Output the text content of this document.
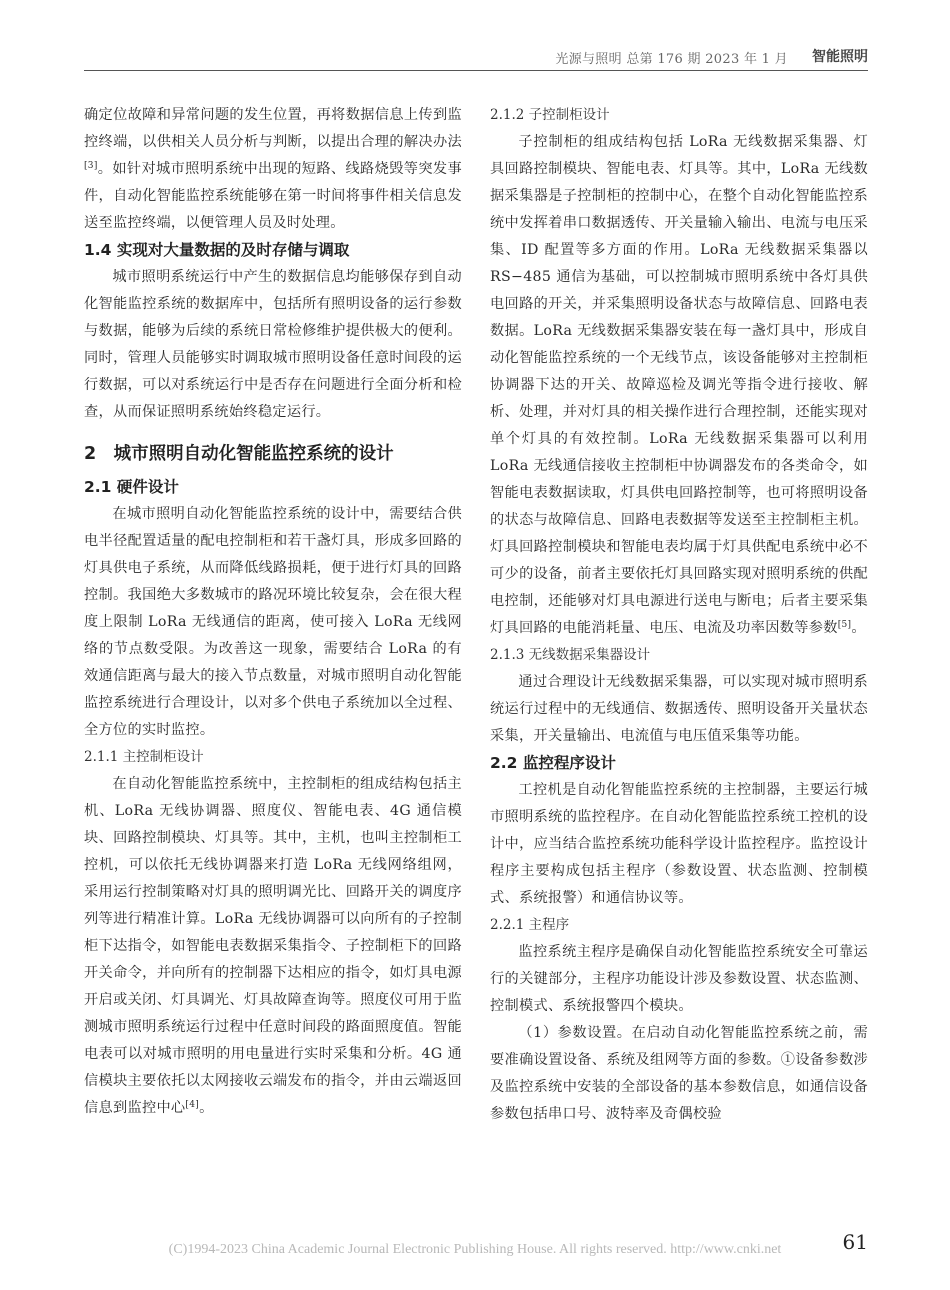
光源与照明 总第 176 期 2023 年 1 月 智能照明

确定位故障和异常问题的发生位置，再将数据信息上传到监控终端，以供相关人员分析与判断，以提出合理的解决办法[3]。如针对城市照明系统中出现的短路、线路烧毁等突发事件，自动化智能监控系统能够在第一时间将事件相关信息发送至监控终端，以便管理人员及时处理。

1.4 实现对大量数据的及时存储与调取

城市照明系统运行中产生的数据信息均能够保存到自动化智能监控系统的数据库中，包括所有照明设备的运行参数与数据，能够为后续的系统日常检修维护提供极大的便利。同时，管理人员能够实时调取城市照明设备任意时间段的运行数据，可以对系统运行中是否存在问题进行全面分析和检查，从而保证照明系统始终稳定运行。

2　城市照明自动化智能监控系统的设计
2.1 硬件设计

在城市照明自动化智能监控系统的设计中，需要结合供电半径配置适量的配电控制柜和若干盏灯具，形成多回路的灯具供电子系统，从而降低线路损耗，便于进行灯具的回路控制。我国绝大多数城市的路况环境比较复杂，会在很大程度上限制 LoRa 无线通信的距离，使可接入 LoRa 无线网络的节点数受限。为改善这一现象，需要结合 LoRa 的有效通信距离与最大的接入节点数量，对城市照明自动化智能监控系统进行合理设计，以对多个供电子系统加以全过程、全方位的实时监控。

2.1.1 主控制柜设计

在自动化智能监控系统中，主控制柜的组成结构包括主机、LoRa 无线协调器、照度仪、智能电表、4G 通信模块、回路控制模块、灯具等。其中，主机，也叫主控制柜工控机，可以依托无线协调器来打造 LoRa 无线网络组网，采用运行控制策略对灯具的照明调光比、回路开关的调度序列等进行精准计算。LoRa 无线协调器可以向所有的子控制柜下达指令，如智能电表数据采集指令、子控制柜下的回路开关命令，并向所有的控制器下达相应的指令，如灯具电源开启或关闭、灯具调光、灯具故障查询等。照度仪可用于监测城市照明系统运行过程中任意时间段的路面照度值。智能电表可以对城市照明的用电量进行实时采集和分析。4G 通信模块主要依托以太网接收云端发布的指令，并由云端返回信息到监控中心[4]。

2.1.2 子控制柜设计

子控制柜的组成结构包括 LoRa 无线数据采集器、灯具回路控制模块、智能电表、灯具等。其中，LoRa 无线数据采集器是子控制柜的控制中心，在整个自动化智能监控系统中发挥着串口数据透传、开关量输入输出、电流与电压采集、ID 配置等多方面的作用。LoRa 无线数据采集器以 RS−485 通信为基础，可以控制城市照明系统中各灯具供电回路的开关，并采集照明设备状态与故障信息、回路电表数据。LoRa 无线数据采集器安装在每一盏灯具中，形成自动化智能监控系统的一个无线节点，该设备能够对主控制柜协调器下达的开关、故障巡检及调光等指令进行接收、解析、处理，并对灯具的相关操作进行合理控制，还能实现对单个灯具的有效控制。LoRa 无线数据采集器可以利用 LoRa 无线通信接收主控制柜中协调器发布的各类命令，如智能电表数据读取，灯具供电回路控制等，也可将照明设备的状态与故障信息、回路电表数据等发送至主控制柜主机。灯具回路控制模块和智能电表均属于灯具供配电系统中必不可少的设备，前者主要依托灯具回路实现对照明系统的供配电控制，还能够对灯具电源进行送电与断电；后者主要采集灯具回路的电能消耗量、电压、电流及功率因数等参数[5]。

2.1.3 无线数据采集器设计

通过合理设计无线数据采集器，可以实现对城市照明系统运行过程中的无线通信、数据透传、照明设备开关量状态采集，开关量输出、电流值与电压值采集等功能。

2.2 监控程序设计

工控机是自动化智能监控系统的主控制器，主要运行城市照明系统的监控程序。在自动化智能监控系统工控机的设计中，应当结合监控系统功能科学设计监控程序。监控设计程序主要构成包括主程序（参数设置、状态监测、控制模式、系统报警）和通信协议等。

2.2.1 主程序

监控系统主程序是确保自动化智能监控系统安全可靠运行的关键部分，主程序功能设计涉及参数设置、状态监测、控制模式、系统报警四个模块。

（1）参数设置。在启动自动化智能监控系统之前，需要准确设置设备、系统及组网等方面的参数。①设备参数涉及监控系统中安装的全部设备的基本参数信息，如通信设备参数包括串口号、波特率及奇偶校验

61
(C)1994-2023 China Academic Journal Electronic Publishing House. All rights reserved. http://www.cnki.net
